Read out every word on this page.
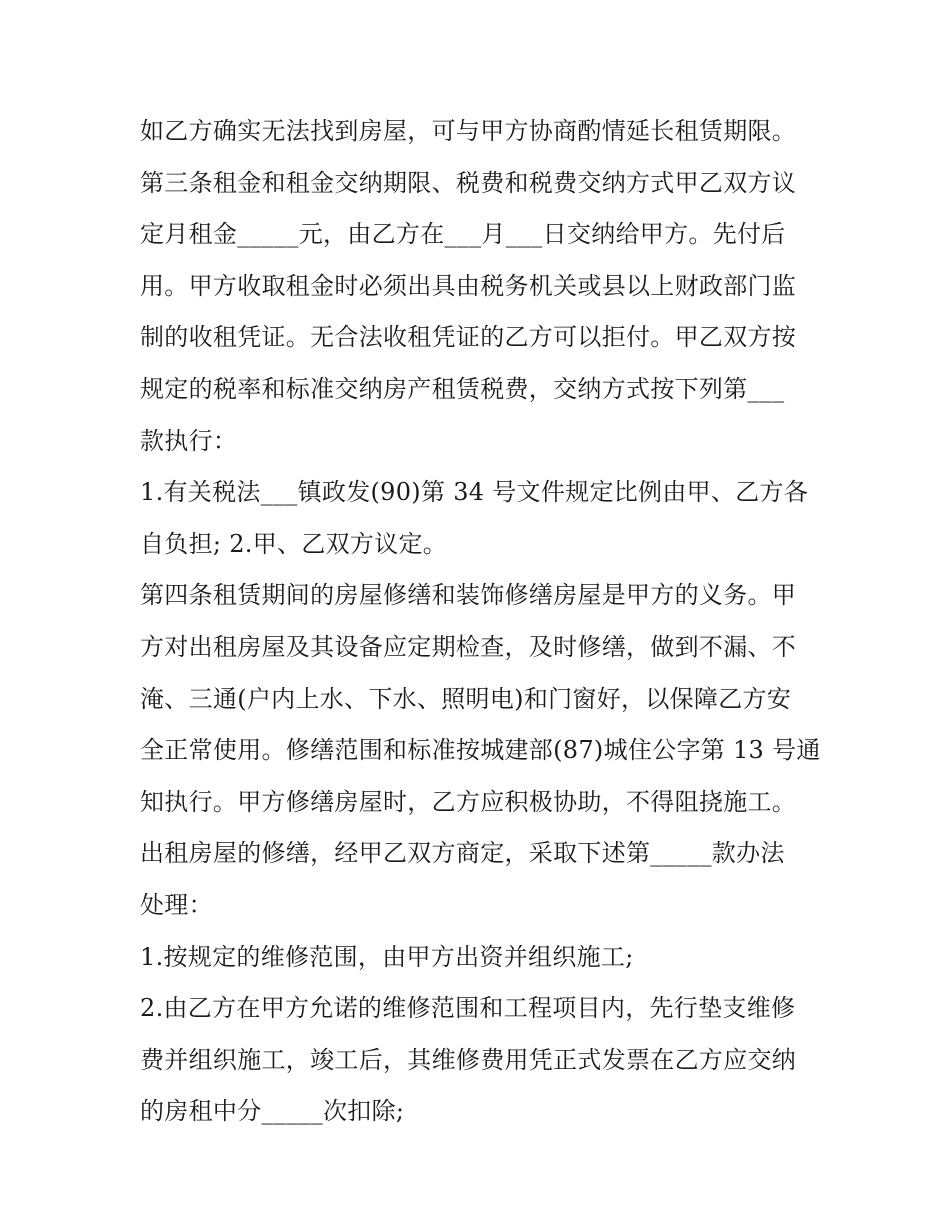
如乙方确实无法找到房屋，可与甲方协商酌情延长租赁期限。

第三条租金和租金交纳期限、税费和税费交纳方式甲乙双方议

定月租金_____元，由乙方在___月___日交纳给甲方。先付后

用。甲方收取租金时必须出具由税务机关或县以上财政部门监

制的收租凭证。无合法收租凭证的乙方可以拒付。甲乙双方按

规定的税率和标准交纳房产租赁税费，交纳方式按下列第___

款执行：

1.有关税法___镇政发(90)第 34 号文件规定比例由甲、乙方各

自负担; 2.甲、乙双方议定。

第四条租赁期间的房屋修缮和装饰修缮房屋是甲方的义务。甲

方对出租房屋及其设备应定期检查，及时修缮，做到不漏、不

淹、三通(户内上水、下水、照明电)和门窗好，以保障乙方安

全正常使用。修缮范围和标准按城建部(87)城住公字第 13 号通

知执行。甲方修缮房屋时，乙方应积极协助，不得阻挠施工。

出租房屋的修缮，经甲乙双方商定，采取下述第_____款办法

处理：

1.按规定的维修范围，由甲方出资并组织施工;

2.由乙方在甲方允诺的维修范围和工程项目内，先行垫支维修

费并组织施工，竣工后，其维修费用凭正式发票在乙方应交纳

的房租中分_____次扣除;
